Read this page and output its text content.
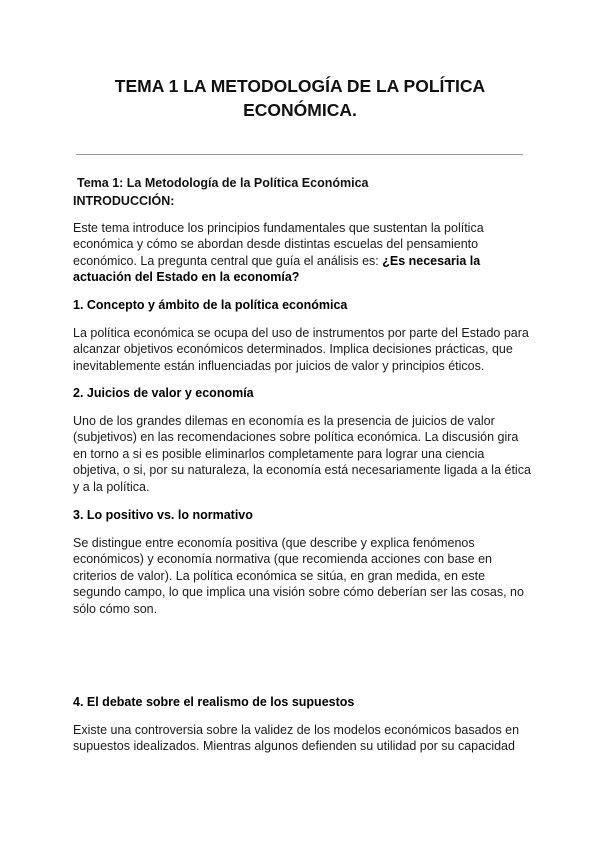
TEMA 1 LA METODOLOGÍA DE LA POLÍTICA
ECONÓMICA.

Tema 1: La Metodología de la Política Económica

INTRODUCCIÓN:

Este tema introduce los principios fundamentales que sustentan la política económica y cómo se abordan desde distintas escuelas del pensamiento económico. La pregunta central que guía el análisis es: ¿Es necesaria la actuación del Estado en la economía?

1. Concepto y ámbito de la política económica

La política económica se ocupa del uso de instrumentos por parte del Estado para alcanzar objetivos económicos determinados. Implica decisiones prácticas, que inevitablemente están influenciadas por juicios de valor y principios éticos.

2. Juicios de valor y economía

Uno de los grandes dilemas en economía es la presencia de juicios de valor (subjetivos) en las recomendaciones sobre política económica. La discusión gira en torno a si es posible eliminarlos completamente para lograr una ciencia objetiva, o si, por su naturaleza, la economía está necesariamente ligada a la ética y a la política.

3. Lo positivo vs. lo normativo

Se distingue entre economía positiva (que describe y explica fenómenos económicos) y economía normativa (que recomienda acciones con base en criterios de valor). La política económica se sitúa, en gran medida, en este segundo campo, lo que implica una visión sobre cómo deberían ser las cosas, no sólo cómo son.

4. El debate sobre el realismo de los supuestos

Existe una controversia sobre la validez de los modelos económicos basados en supuestos idealizados. Mientras algunos defienden su utilidad por su capacidad
